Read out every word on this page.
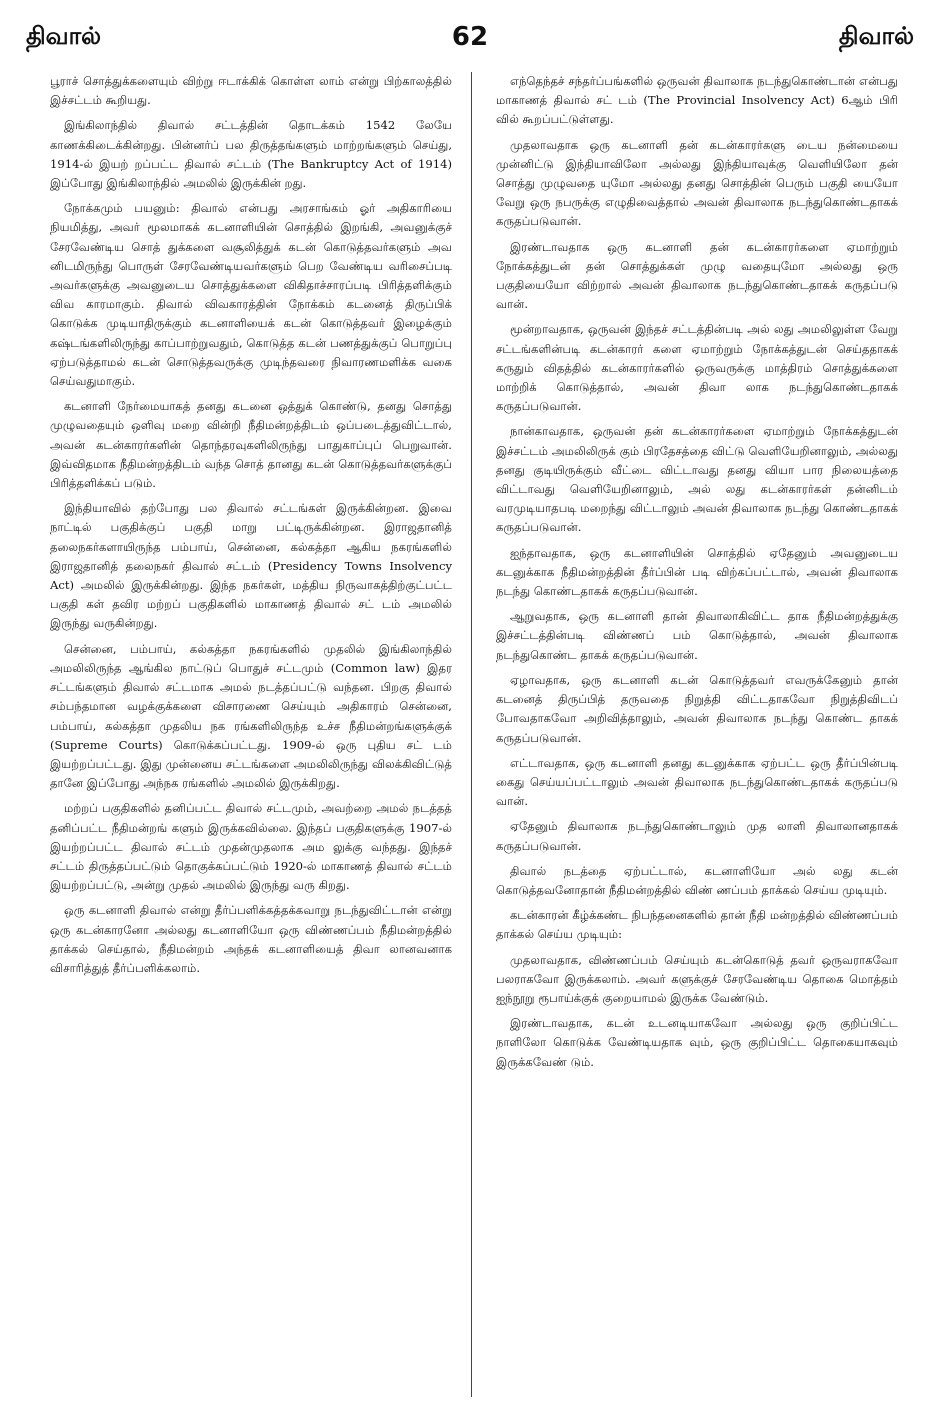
திவால்	62	திவால்

பூராச் சொத்துக்களையும் விற்று ஈடாக்கிக் கொள்ள லாம் என்று பிற்காலத்தில் இச்சட்டம் கூறியது.

இங்கிலாந்தில் திவால் சட்டத்தின் தொடக்கம் 1542 லேயே காணக்கிடைக்கின்றது. பின்னர்ப் பல திருத்தங்களும் மாற்றங்களும் செய்து, 1914-ல் இயற் றப்பட்ட திவால் சட்டம் (The Bankruptcy Act of 1914) இப்போது இங்கிலாந்தில் அமலில் இருக்கின் றது.

நோக்கமும் பயனும்: திவால் என்பது அரசாங்கம் ஓர் அதிகாரியை நியமித்து, அவர் மூலமாகக் கடனாளியின் சொத்தில் இறங்கி, அவனுக்குச் சேரவேண்டிய சொத் துக்களை வசூலித்துக் கடன் கொடுத்தவர்களும் அவ னிடமிருந்து பொருள் சேரவேண்டியவர்களும் பெற வேண்டிய வரிசைப்படி அவர்களுக்கு அவனுடைய சொத்துக்களை விகிதாச்சாரப்படி பிரித்தளிக்கும் விவ காரமாகும். திவால் விவகாரத்தின் நோக்கம் கடனைத் திருப்பிக் கொடுக்க முடியாதிருக்கும் கடனாளியைக் கடன் கொடுத்தவர் இழைக்கும் கஷ்டங்களிலிருந்து காப்பாற்றுவதும், கொடுத்த கடன் பணத்துக்குப் பொறுப்பு ஏற்படுத்தாமல் கடன் சொடுத்தவருக்கு முடிந்தவரை நிவாரணமளிக்க வகை செய்வதுமாகும்.

கடனாளி நேர்மையாகத் தனது கடனை ஒத்துக் கொண்டு, தனது சொத்து முழுவதையும் ஒளிவு மறை வின்றி நீதிமன்றத்திடம் ஒப்படைத்துவிட்டால், அவன் கடன்காரர்களின் தொந்தரவுகளிலிருந்து பாதுகாப்புப் பெறுவான். இவ்விதமாக நீதிமன்றத்திடம் வந்த சொத் தானது கடன் கொடுத்தவர்களுக்குப் பிரித்தளிக்கப் படும்.

இந்தியாவில் தற்போது பல திவால் சட்டங்கள் இருக்கின்றன. இவை நாட்டில் பகுதிக்குப் பகுதி மாறு பட்டிருக்கின்றன. இராஜதானித் தலைநகர்களாயிருந்த பம்பாய், சென்னை, கல்கத்தா ஆகிய நகரங்களில் இராஜதானித் தலைநகர் திவால் சட்டம் (Presidency Towns Insolvency Act) அமலில் இருக்கின்றது. இந்த நகர்கள், மத்திய நிருவாகத்திற்குட்பட்ட பகுதி கள் தவிர மற்றப் பகுதிகளில் மாகாணத் திவால் சட் டம் அமலில் இருந்து வருகின்றது.

சென்னை, பம்பாய், கல்கத்தா நகரங்களில் முதலில் இங்கிலாந்தில் அமலிலிருந்த ஆங்கில நாட்டுப் பொதுச் சட்டமும் (Common law) இதர சட்டங்களும் திவால் சட்டமாக அமல் நடத்தப்பட்டு வந்தன. பிறகு திவால் சம்பந்தமான வழக்குக்களை விசாரணை செய்யும் அதிகாரம் சென்னை, பம்பாய், கல்கத்தா முதலிய நக ரங்களிலிருந்த உச்ச நீதிமன்றங்களுக்குக் (Supreme Courts) கொடுக்கப்பட்டது. 1909-ல் ஒரு புதிய சட் டம் இயற்றப்பட்டது. இது முன்னைய சட்டங்களை அமலிலிருந்து விலக்கிவிட்டுத் தானே இப்போது அந்நக ரங்களில் அமலில் இருக்கிறது.

மற்றப் பகுதிகளில் தனிப்பட்ட திவால் சட்டமும், அவற்றை அமல் நடத்தத் தனிப்பட்ட நீதிமன்றங் களும் இருக்கவில்லை. இந்தப் பகுதிகளுக்கு 1907-ல் இயற்றப்பட்ட திவால் சட்டம் முதன்முதலாக அம லுக்கு வந்தது. இந்தச் சட்டம் திருத்தப்பட்டும் தொகுக்கப்பட்டும் 1920-ல் மாகாணத் திவால் சட்டம் இயற்றப்பட்டு, அன்று முதல் அமலில் இருந்து வரு கிறது.

ஒரு கடனாளி திவால் என்று தீர்ப்பளிக்கத்தக்கவாறு நடந்துவிட்டான் என்று ஒரு கடன்காரனோ அல்லது கடனாளியோ ஒரு விண்ணப்பம் நீதிமன்றத்தில் தாக்கல் செய்தால், நீதிமன்றம் அந்தக் கடனாளியைத் திவா லானவனாக விசாரித்துத் தீர்ப்பளிக்கலாம்.

எந்தெந்தச் சந்தர்ப்பங்களில் ஒருவன் திவாலாக நடந்துகொண்டான் என்பது மாகாணத் திவால் சட் டம் (The Provincial Insolvency Act) 6ஆம் பிரி வில் கூறப்பட்டுள்ளது.

முதலாவதாக ஒரு கடனாளி தன் கடன்காரர்களு டைய நன்மையை முன்னிட்டு இந்தியாவிலோ அல்லது இந்தியாவுக்கு வெளியிலோ தன் சொத்து முழுவதை யுமோ அல்லது தனது சொத்தின் பெரும் பகுதி யையோ வேறு ஒரு நபருக்கு எழுதிவைத்தால் அவன் திவாலாக நடந்துகொண்டதாகக் கருதப்படுவான்.

இரண்டாவதாக ஒரு கடனாளி தன் கடன்காரர்களை ஏமாற்றும் நோக்கத்துடன் தன் சொத்துக்கள் முழு வதையுமோ அல்லது ஒரு பகுதியையோ விற்றால் அவன் திவாலாக நடந்துகொண்டதாகக் கருதப்படு வான்.

மூன்றாவதாக, ஒருவன் இந்தச் சட்டத்தின்படி அல் லது அமலிலுள்ள வேறு சட்டங்களின்படி கடன்காரர் களை ஏமாற்றும் நோக்கத்துடன் செய்ததாகக் கருதும் விதத்தில் கடன்காரர்களில் ஒருவருக்கு மாத்திரம் சொத்துக்களை மாற்றிக் கொடுத்தால், அவன் திவா லாக நடந்துகொண்டதாகக் கருதப்படுவான்.

நான்காவதாக, ஒருவன் தன் கடன்காரர்களை ஏமாற்றும் நோக்கத்துடன் இச்சட்டம் அமலிலிருக் கும் பிரதேசத்தை விட்டு வெளியேறினாலும், அல்லது தனது குடியிருக்கும் வீட்டை விட்டாவது தனது வியா பார நிலையத்தை விட்டாவது வெளியேறினாலும், அல் லது கடன்காரர்கள் தன்னிடம் வரமுடியாதபடி மறைந்து விட்டாலும் அவன் திவாலாக நடந்து கொண்டதாகக் கருதப்படுவான்.

ஐந்தாவதாக, ஒரு கடனாளியின் சொத்தில் ஏதேனும் அவனுடைய கடனுக்காக நீதிமன்றத்தின் தீர்ப்பின் படி விற்கப்பட்டால், அவன் திவாலாக நடந்து கொண்டதாகக் கருதப்படுவான்.

ஆறுவதாக, ஒரு கடனாளி தான் திவாலாகிவிட்ட தாக நீதிமன்றத்துக்கு இச்சட்டத்தின்படி விண்ணப் பம் கொடுத்தால், அவன் திவாலாக நடந்துகொண்ட தாகக் கருதப்படுவான்.

ஏழாவதாக, ஒரு கடனாளி கடன் கொடுத்தவர் எவருக்கேனும் தான் கடனைத் திருப்பித் தருவதை நிறுத்தி விட்டதாகவோ நிறுத்திவிடப் போவதாகவோ அறிவித்தாலும், அவன் திவாலாக நடந்து கொண்ட தாகக் கருதப்படுவான்.

எட்டாவதாக, ஒரு கடனாளி தனது கடனுக்காக ஏற்பட்ட ஒரு தீர்ப்பின்படி கைது செய்யப்பட்டாலும் அவன் திவாலாக நடந்துகொண்டதாகக் கருதப்படு வான்.

ஏதேனும் திவாலாக நடந்துகொண்டாலும் முத லாளி திவாலானதாகக் கருதப்படுவான்.

திவால் நடத்தை ஏற்பட்டால், கடனாளியோ அல் லது கடன் கொடுத்தவனோதான் நீதிமன்றத்தில் விண் ணப்பம் தாக்கல் செய்ய முடியும்.

கடன்காரன் கீழ்க்கண்ட நிபந்தனைகளில் தான் நீதி மன்றத்தில் விண்ணப்பம் தாக்கல் செய்ய முடியும்:

முதலாவதாக, விண்ணப்பம் செய்யும் கடன்கொடுத் தவர் ஒருவராகவோ பலராகவோ இருக்கலாம். அவர் களுக்குச் சேரவேண்டிய தொகை மொத்தம் ஐந்நூறு ரூபாய்க்குக் குறையாமல் இருக்க வேண்டும்.

இரண்டாவதாக, கடன் உடனடியாகவோ அல்லது ஒரு குறிப்பிட்ட நாளிலோ கொடுக்க வேண்டியதாக வும், ஒரு குறிப்பிட்ட தொகையாகவும் இருக்கவேண் டும்.
